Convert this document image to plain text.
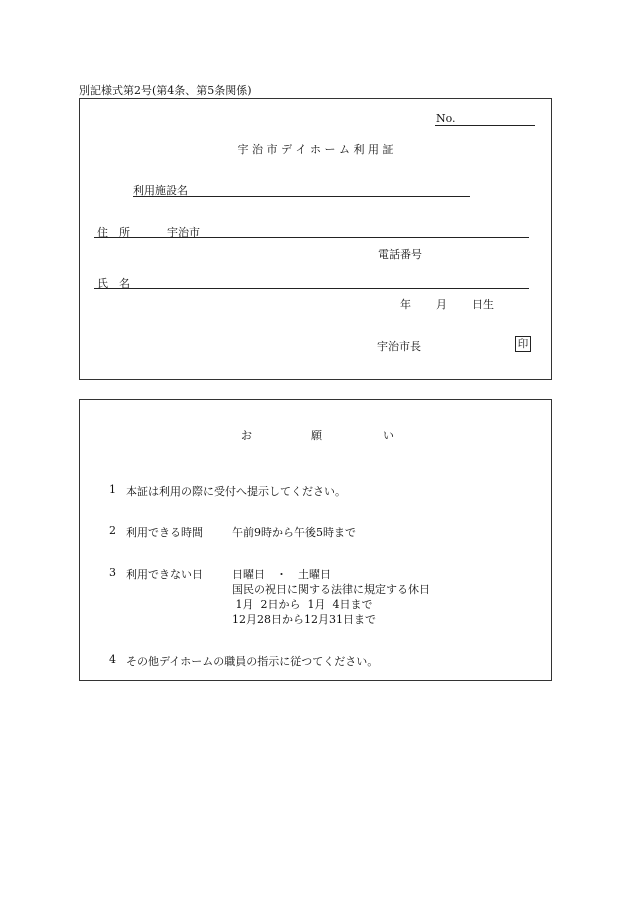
別記様式第2号(第4条、第5条関係)
No.
宇 治 市 デ イ ホ ー ム 利 用 証
利用施設名
住　所	宇治市
電話番号
氏　名
年 月 日生
宇治市長	印
お	願	い
1 本証は利用の際に受付へ提示してください。
2 利用できる時間	午前9時から午後5時まで
3 利用できない日	日曜日　・　土曜日
国民の祝日に関する法律に規定する休日
1月  2日から  1月  4日まで
12月28日から12月31日まで
4 その他デイホームの職員の指示に従つてください。
